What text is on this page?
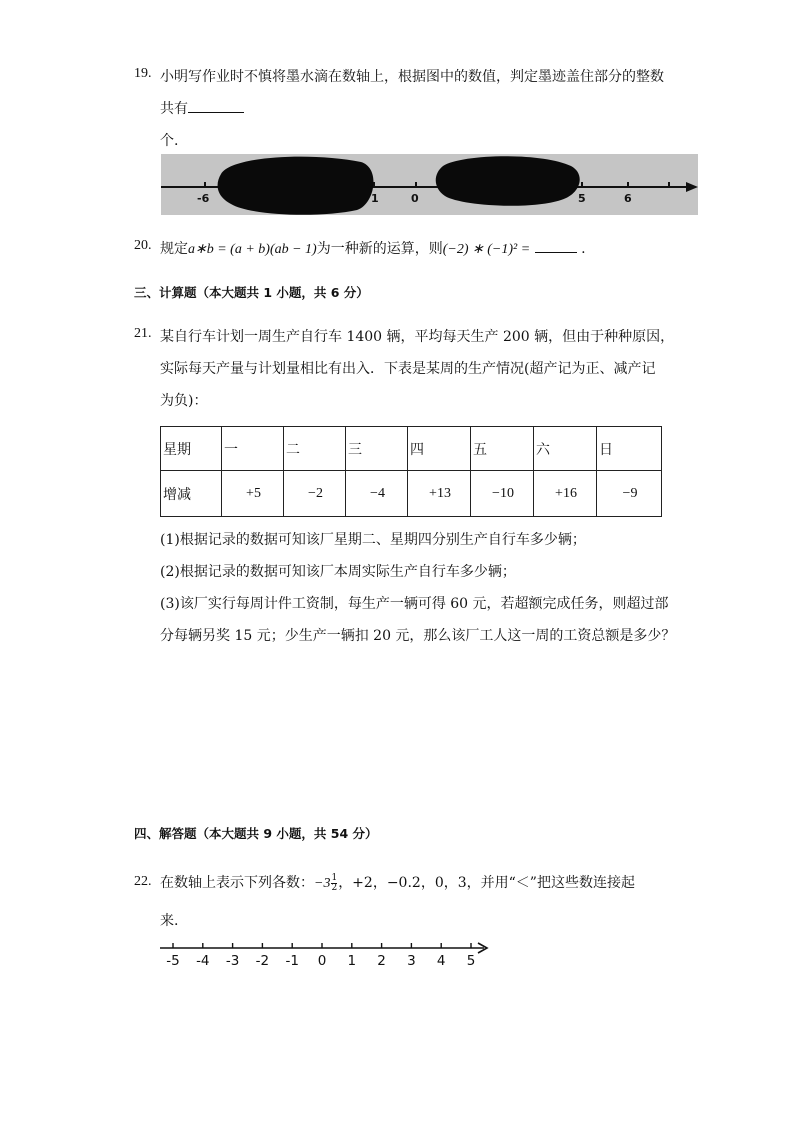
19. 小明写作业时不慎将墨水滴在数轴上，根据图中的数值，判定墨迹盖住部分的整数
共有
个.
-6	1	0	5	6
20. 规定a∗b = (a + b)(ab − 1)为一种新的运算，则(−2) ∗ (−1)² =	.
三、计算题（本大题共 1 小题，共 6 分）
21. 某自行车计划一周生产自行车 1400 辆，平均每天生产 200 辆，但由于种种原因，
实际每天产量与计划量相比有出入．下表是某周的生产情况(超产记为正、减产记
为负)：
星期	一	二	三	四	五	六	日
增减	+5	−2	−4	+13	−10	+16	−9
(1)根据记录的数据可知该厂星期二、星期四分别生产自行车多少辆；
(2)根据记录的数据可知该厂本周实际生产自行车多少辆；
(3)该厂实行每周计件工资制，每生产一辆可得 60 元，若超额完成任务，则超过部
分每辆另奖 15 元；少生产一辆扣 20 元，那么该厂工人这一周的工资总额是多少？
四、解答题（本大题共 9 小题，共 54 分）
22. 在数轴上表示下列各数：$-3 \frac{1}{2}$ ，+2，−0.2，0，3，并用“＜”把这些数连接起
来.
-5 -4 -3 -2 -1 0 1 2 3 4 5
